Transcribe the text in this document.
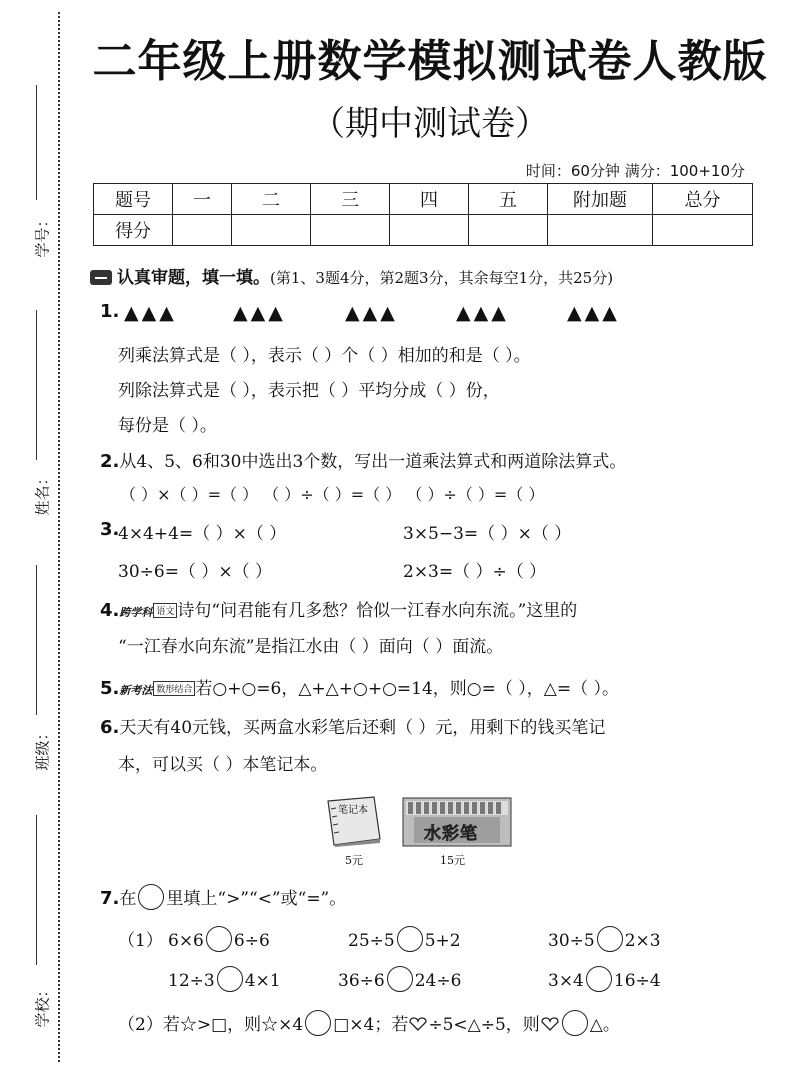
学号：
姓名：
班级：
学校：
二年级上册数学模拟测试卷人教版
（期中测试卷）
时间：60分钟 满分：100+10分
题号	一	二	三	四	五	附加题	总分
得分							
认真审题，填一填。(第1、3题4分，第2题3分，其余每空1分，共25分)
1. ▲▲▲	▲▲▲	▲▲▲	▲▲▲	▲▲▲
列乘法算式是（ ），表示（ ）个（ ）相加的和是（ ）。
列除法算式是（ ），表示把（ ）平均分成（ ）份，
每份是（ ）。
2.从4、5、6和30中选出3个数，写出一道乘法算式和两道除法算式。
（ ）×（ ）=（ ） （ ）÷（ ）=（ ） （ ）÷（ ）=（ ）
3.
4×4+4=（ ）×（ ）	3×5−3=（ ）×（ ）
30÷6=（ ）×（ ）	2×3=（ ）÷（ ）
4.跨学科 语文 诗句“问君能有几多愁？恰似一江春水向东流。”这里的
“一江春水向东流”是指江水由（ ）面向（ ）面流。
5.新考法 数形结合 若○+○=6，△+△+○+○=14，则○=（ ），△=（ ）。
6.天天有40元钱，买两盒水彩笔后还剩（ ）元，用剩下的钱买笔记
本，可以买（ ）本笔记本。
笔记本
水彩笔
5元	15元
7.在 里填上“>”“<”或“=”。
（1） 6×6 6÷6	25÷5 5+2	30÷5 2×3
12÷3 4×1	36÷6 24÷6	3×4 16÷4
（2）若☆>□，则☆×4 □×4；若 ÷5<△÷5，则	△。
